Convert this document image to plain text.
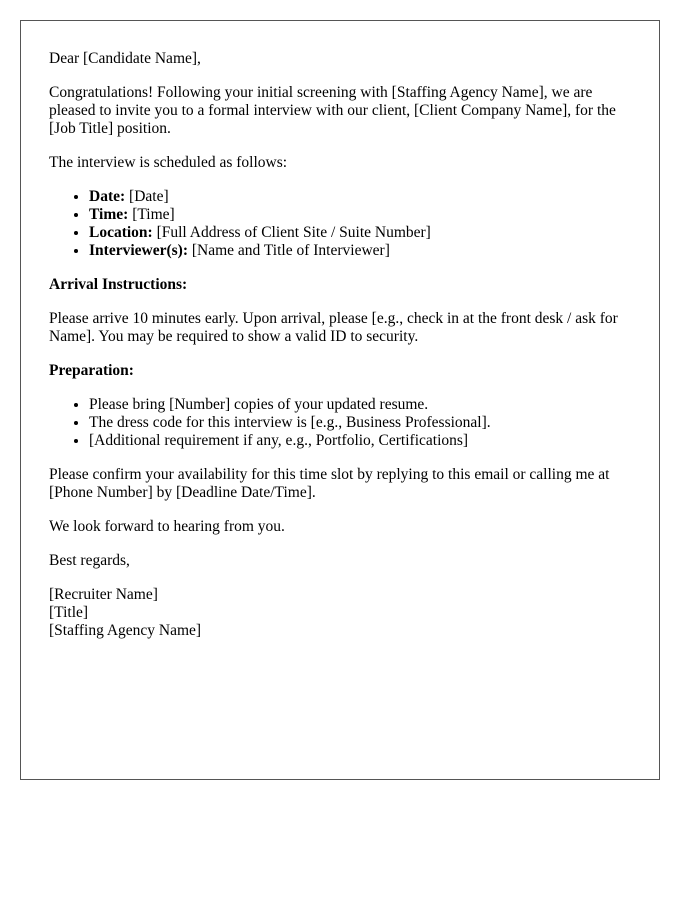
Dear [Candidate Name],

Congratulations! Following your initial screening with [Staffing Agency Name], we are pleased to invite you to a formal interview with our client, [Client Company Name], for the [Job Title] position.

The interview is scheduled as follows:

• Date: [Date]
• Time: [Time]
• Location: [Full Address of Client Site / Suite Number]
• Interviewer(s): [Name and Title of Interviewer]

Arrival Instructions:

Please arrive 10 minutes early. Upon arrival, please [e.g., check in at the front desk / ask for Name]. You may be required to show a valid ID to security.

Preparation:

• Please bring [Number] copies of your updated resume.
• The dress code for this interview is [e.g., Business Professional].
• [Additional requirement if any, e.g., Portfolio, Certifications]

Please confirm your availability for this time slot by replying to this email or calling me at [Phone Number] by [Deadline Date/Time].

We look forward to hearing from you.

Best regards,

[Recruiter Name]
[Title]
[Staffing Agency Name]
